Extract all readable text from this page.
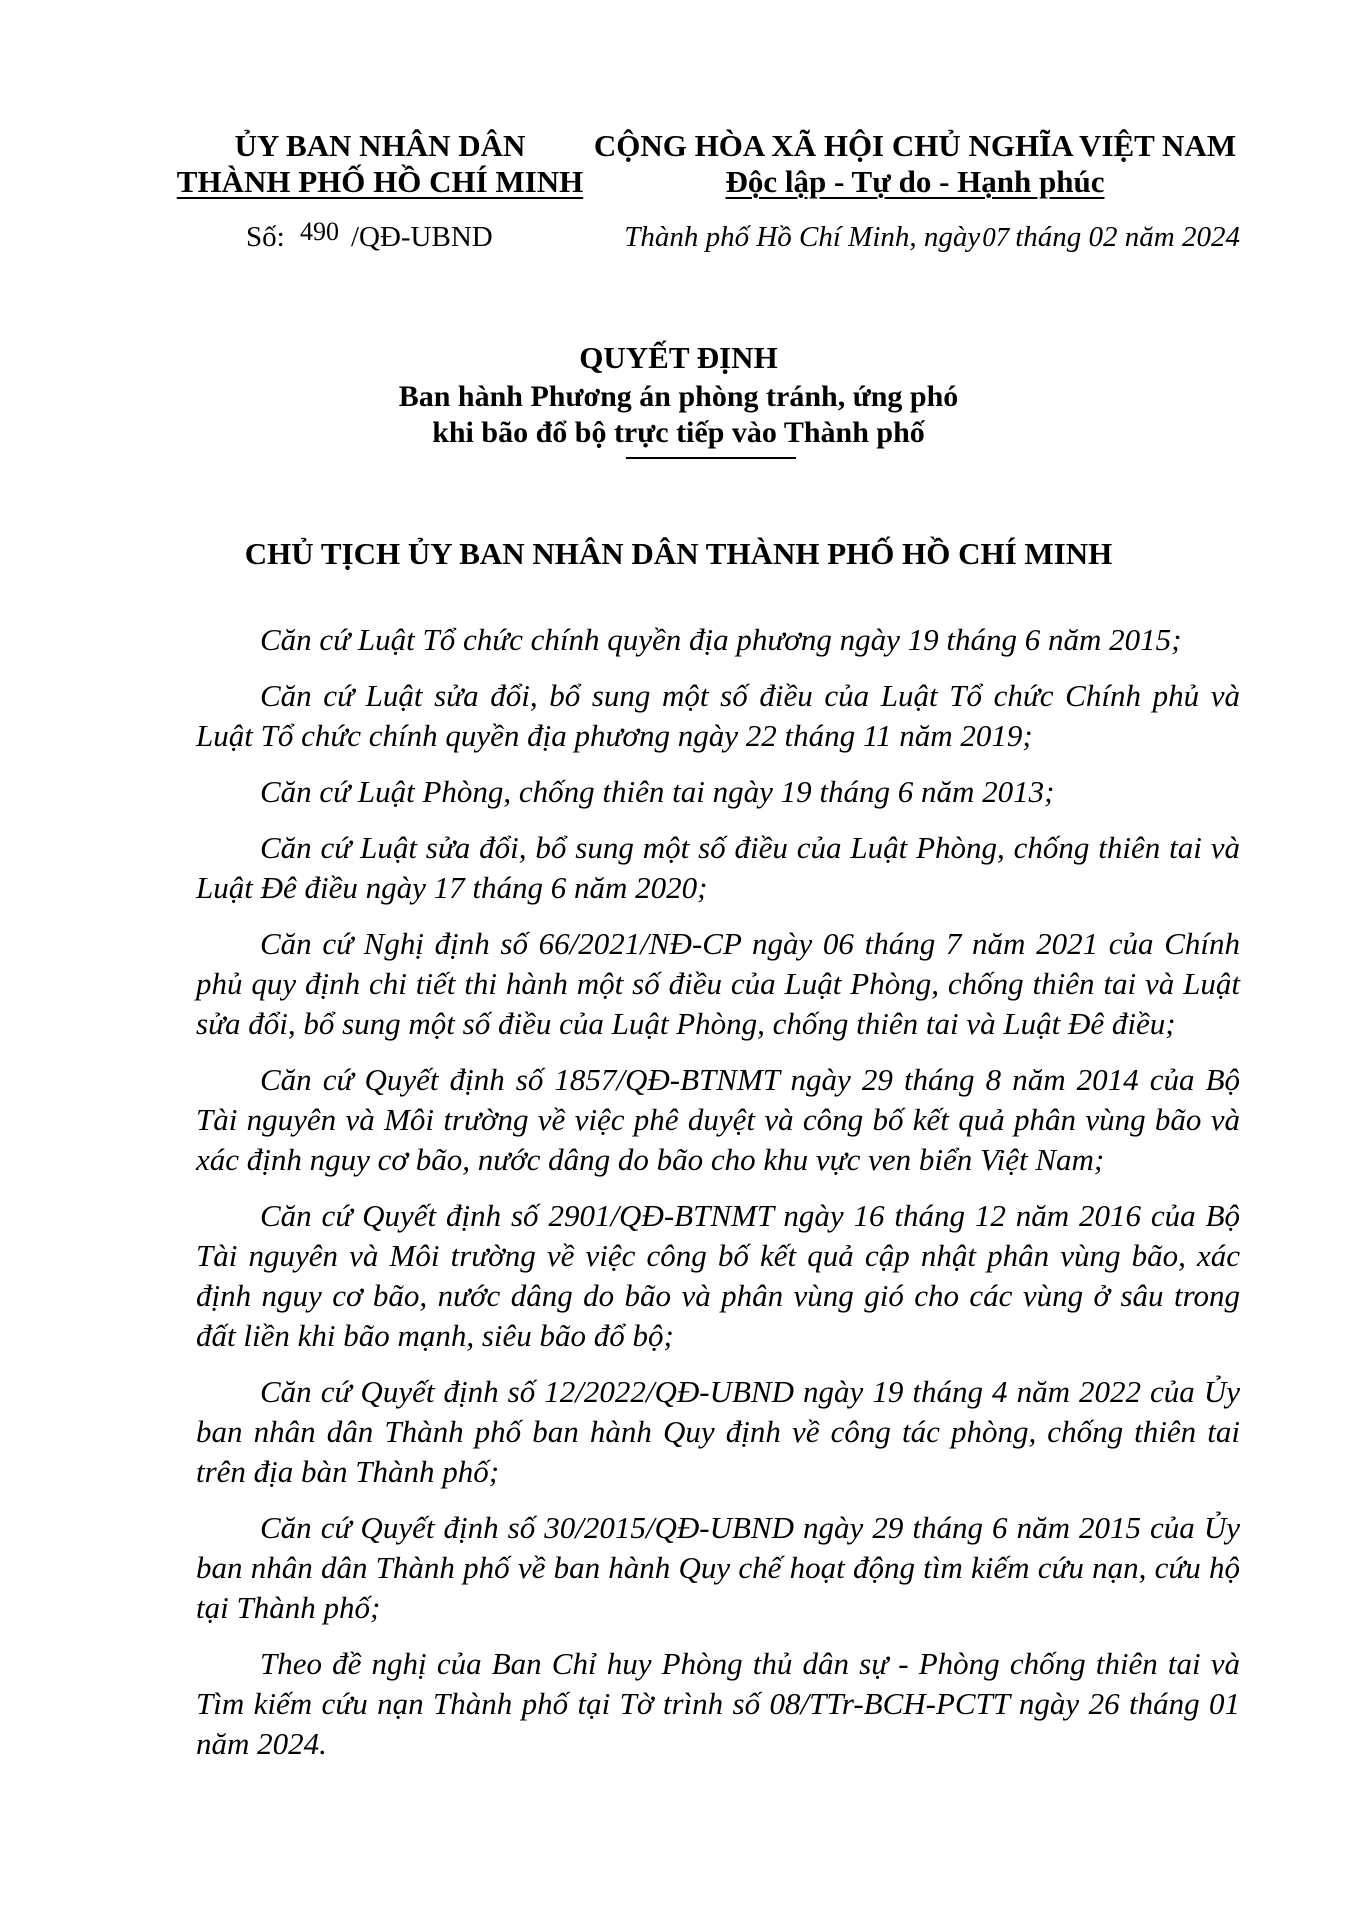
ỦY BAN NHÂN DÂN
THÀNH PHỐ HỒ CHÍ MINH
CỘNG HÒA XÃ HỘI CHỦ NGHĨA VIỆT NAM
Độc lập - Tự do - Hạnh phúc
Số: 490 /QĐ-UBND	Thành phố Hồ Chí Minh, ngày07 tháng 02 năm 2024
QUYẾT ĐỊNH
Ban hành Phương án phòng tránh, ứng phó
khi bão đổ bộ trực tiếp vào Thành phố
CHỦ TỊCH ỦY BAN NHÂN DÂN THÀNH PHỐ HỒ CHÍ MINH

Căn cứ Luật Tổ chức chính quyền địa phương ngày 19 tháng 6 năm 2015;

Căn cứ Luật sửa đổi, bổ sung một số điều của Luật Tổ chức Chính phủ và Luật Tổ chức chính quyền địa phương ngày 22 tháng 11 năm 2019;

Căn cứ Luật Phòng, chống thiên tai ngày 19 tháng 6 năm 2013;

Căn cứ Luật sửa đổi, bổ sung một số điều của Luật Phòng, chống thiên tai và Luật Đê điều ngày 17 tháng 6 năm 2020;

Căn cứ Nghị định số 66/2021/NĐ-CP ngày 06 tháng 7 năm 2021 của Chính phủ quy định chi tiết thi hành một số điều của Luật Phòng, chống thiên tai và Luật sửa đổi, bổ sung một số điều của Luật Phòng, chống thiên tai và Luật Đê điều;

Căn cứ Quyết định số 1857/QĐ-BTNMT ngày 29 tháng 8 năm 2014 của Bộ Tài nguyên và Môi trường về việc phê duyệt và công bố kết quả phân vùng bão và xác định nguy cơ bão, nước dâng do bão cho khu vực ven biển Việt Nam;

Căn cứ Quyết định số 2901/QĐ-BTNMT ngày 16 tháng 12 năm 2016 của Bộ Tài nguyên và Môi trường về việc công bố kết quả cập nhật phân vùng bão, xác định nguy cơ bão, nước dâng do bão và phân vùng gió cho các vùng ở sâu trong đất liền khi bão mạnh, siêu bão đổ bộ;

Căn cứ Quyết định số 12/2022/QĐ-UBND ngày 19 tháng 4 năm 2022 của Ủy ban nhân dân Thành phố ban hành Quy định về công tác phòng, chống thiên tai trên địa bàn Thành phố;

Căn cứ Quyết định số 30/2015/QĐ-UBND ngày 29 tháng 6 năm 2015 của Ủy ban nhân dân Thành phố về ban hành Quy chế hoạt động tìm kiếm cứu nạn, cứu hộ tại Thành phố;

Theo đề nghị của Ban Chỉ huy Phòng thủ dân sự - Phòng chống thiên tai và Tìm kiếm cứu nạn Thành phố tại Tờ trình số 08/TTr-BCH-PCTT ngày 26 tháng 01 năm 2024.
